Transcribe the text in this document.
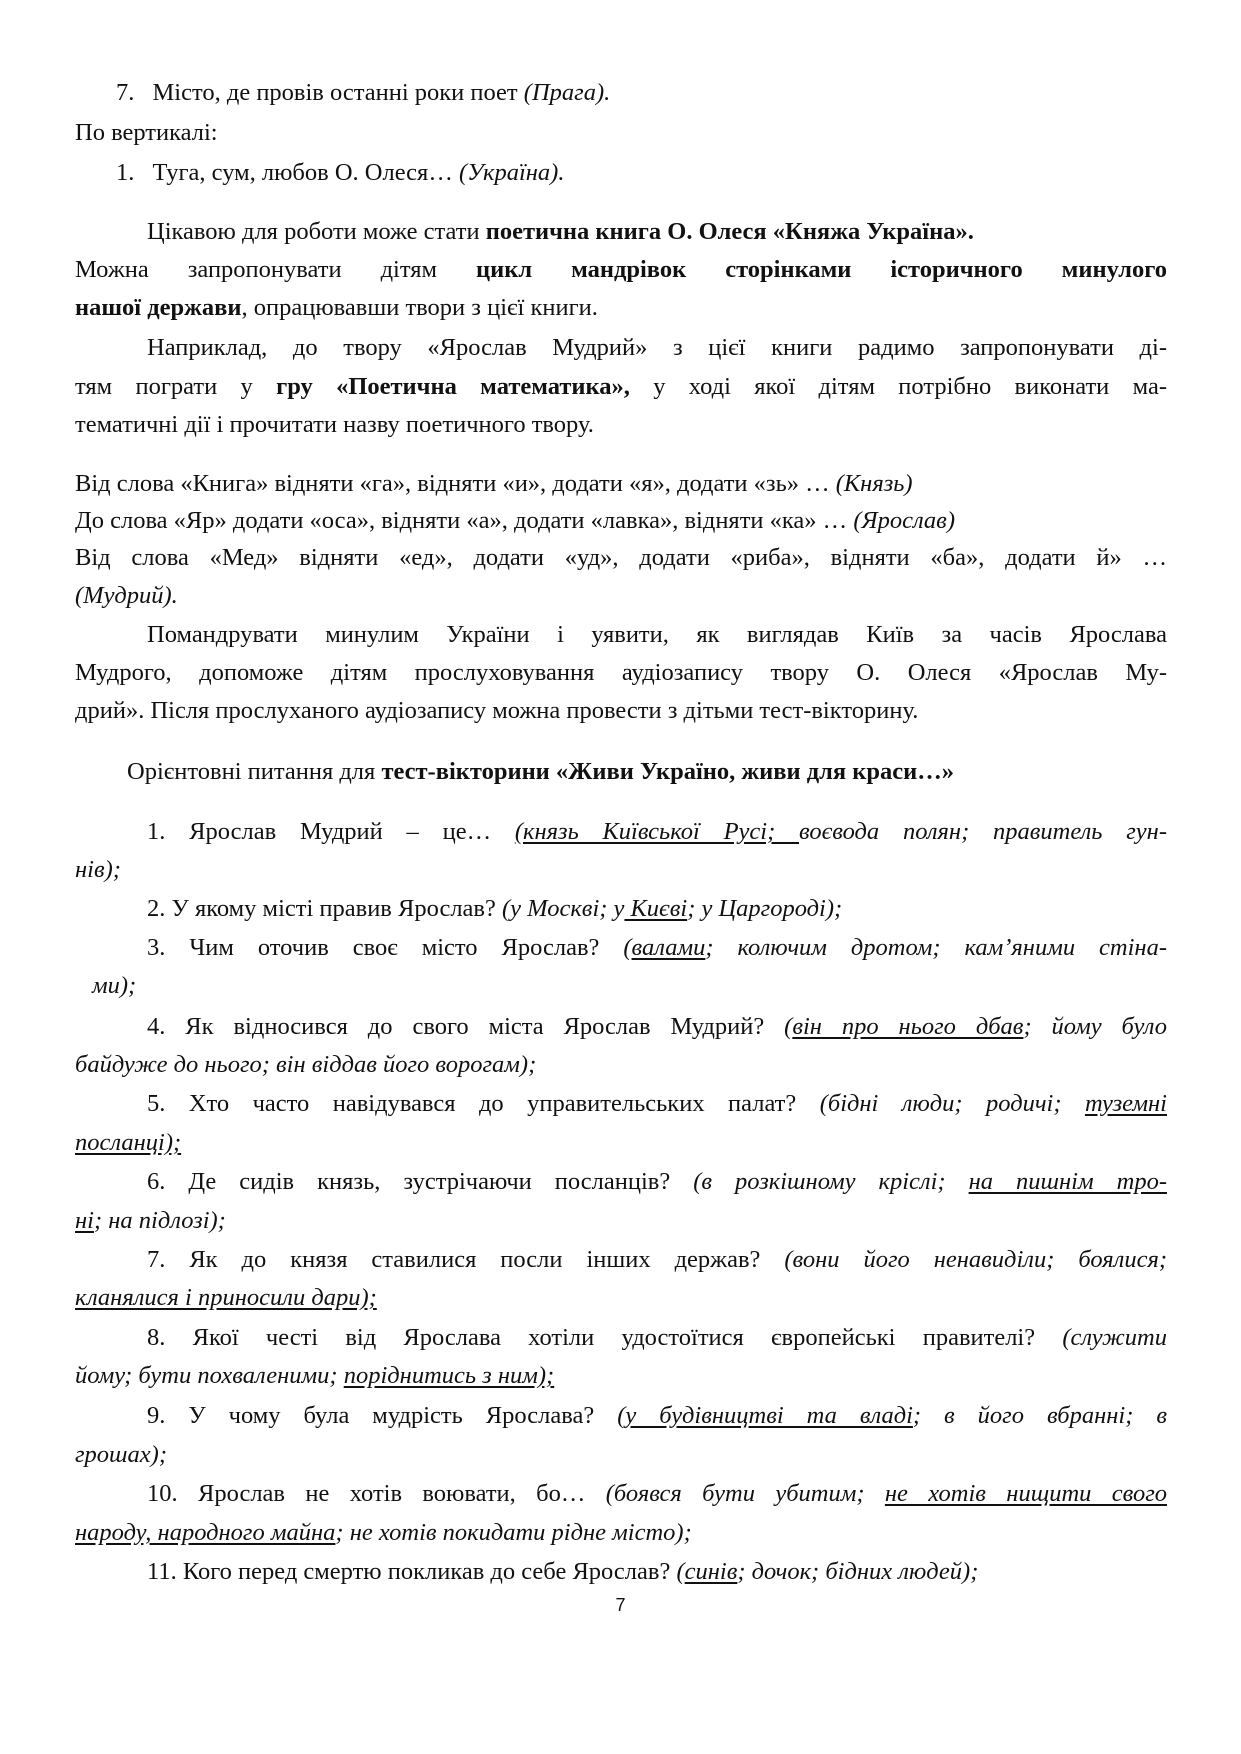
7. Місто, де провів останні роки поет (Прага).
По вертикалі:
1. Туга, сум, любов О. Олеся… (Україна).
Цікавою для роботи може стати поетична книга О. Олеся «Княжа Україна».
Можна запропонувати дітям цикл мандрівок сторінками історичного минулого
нашої держави, опрацювавши твори з цієї книги.
Наприклад, до твору «Ярослав Мудрий» з цієї книги радимо запропонувати ді-
тям пограти у гру «Поетична математика», у ході якої дітям потрібно виконати ма-
тематичні дії і прочитати назву поетичного твору.
Від слова «Книга» відняти «га», відняти «и», додати «я», додати «зь» … (Князь)
До слова «Яр» додати «оса», відняти «а», додати «лавка», відняти «ка» … (Ярослав)
Від слова «Мед» відняти «ед», додати «уд», додати «риба», відняти «ба», додати й» …
(Мудрий).
Помандрувати минулим України і уявити, як виглядав Київ за часів Ярослава
Мудрого, допоможе дітям прослуховування аудіозапису твору О. Олеся «Ярослав Му-
дрий». Після прослуханого аудіозапису можна провести з дітьми тест-вікторину.
Орієнтовні питання для тест-вікторини «Живи Україно, живи для краси…»
1. Ярослав Мудрий – це… (князь Київської Русі; воєвода полян; правитель гун-
нів);
2. У якому місті правив Ярослав? (у Москві; у Києві; у Царгороді);
3. Чим оточив своє місто Ярослав? (валами; колючим дротом; кам’яними стіна-
ми);
4. Як відносився до свого міста Ярослав Мудрий? (він про нього дбав; йому було
байдуже до нього; він віддав його ворогам);
5. Хто часто навідувався до управительських палат? (бідні люди; родичі; туземні
посланці);
6. Де сидів князь, зустрічаючи посланців? (в розкішному кріслі; на пишнім тро-
ні; на підлозі);
7. Як до князя ставилися посли інших держав? (вони його ненавиділи; боялися;
кланялися і приносили дари);
8. Якої честі від Ярослава хотіли удостоїтися європейські правителі? (служити
йому; бути похваленими; поріднитись з ним);
9. У чому була мудрість Ярослава? (у будівництві та владі; в його вбранні; в
грошах);
10. Ярослав не хотів воювати, бо… (боявся бути убитим; не хотів нищити свого
народу, народного майна; не хотів покидати рідне місто);
11. Кого перед смертю покликав до себе Ярослав? (синів; дочок; бідних людей);
7
